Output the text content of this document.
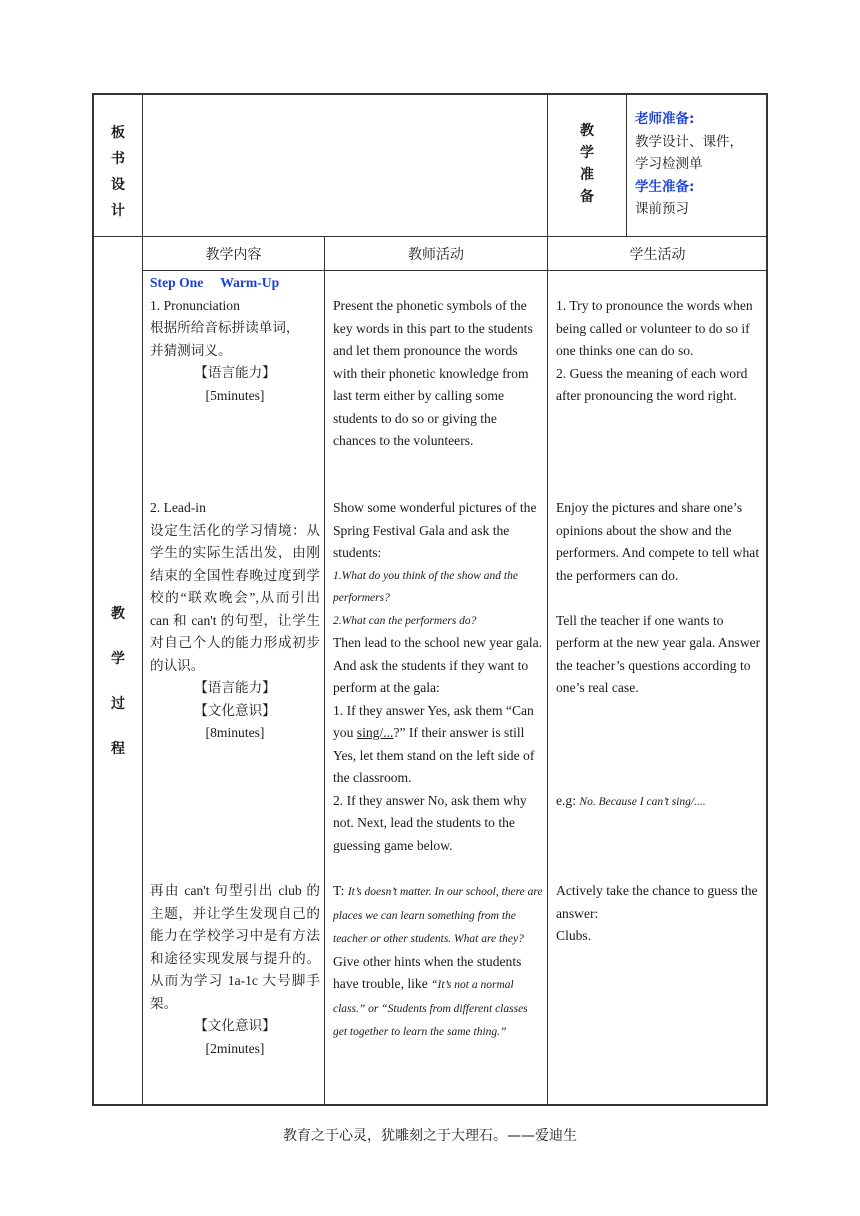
板
书
设
计
教
学
准
备

老师准备:

教学设计、课件，

学习检测单

学生准备:

课前预习

教
学
过
程
教学内容	教师活动	学生活动

Step One Warm-Up

1. Pronunciation

根据所给音标拼读单词，

并猜测词义。

【语言能力】
[5minutes]

2. Lead-in

设定生活化的学习情境：从学生的实际生活出发，由刚结束的全国性春晚过度到学校的“联欢晚会”,从而引出 can 和 can't 的句型，让学生对自己个人的能力形成初步的认识。

【语言能力】
【文化意识】
[8minutes]

再由 can't 句型引出 club 的主题，并让学生发现自己的能力在学校学习中是有方法和途径实现发展与提升的。从而为学习 1a-1c 大号脚手架。

【文化意识】
[2minutes]

Present the phonetic symbols of the key words in this part to the students and let them pronounce the words with their phonetic knowledge from last term either by calling some students to do so or giving the chances to the volunteers.

Show some wonderful pictures of the Spring Festival Gala and ask the students:

1.What do you think of the show and the performers?

2.What can the performers do?

Then lead to the school new year gala. And ask the students if they want to perform at the gala:

1. If they answer Yes, ask them “Can you sing/...?” If their answer is still Yes, let them stand on the left side of the classroom.

2. If they answer No, ask them why not. Next, lead the students to the guessing game below.

T: It’s doesn’t matter. In our school, there are places we can learn something from the teacher or other students. What are they?

Give other hints when the students have trouble, like “It’s not a normal class.” or “Students from different classes get together to learn the same thing.”

1. Try to pronounce the words when being called or volunteer to do so if one thinks one can do so.

2. Guess the meaning of each word after pronouncing the word right.

Enjoy the pictures and share one’s opinions about the show and the performers. And compete to tell what the performers can do.

Tell the teacher if one wants to perform at the new year gala. Answer the teacher’s questions according to one’s real case.

e.g: No. Because I can’t sing/....

Actively take the chance to guess the answer:

Clubs.

教育之于心灵，犹雕刻之于大理石。——爱迪生
